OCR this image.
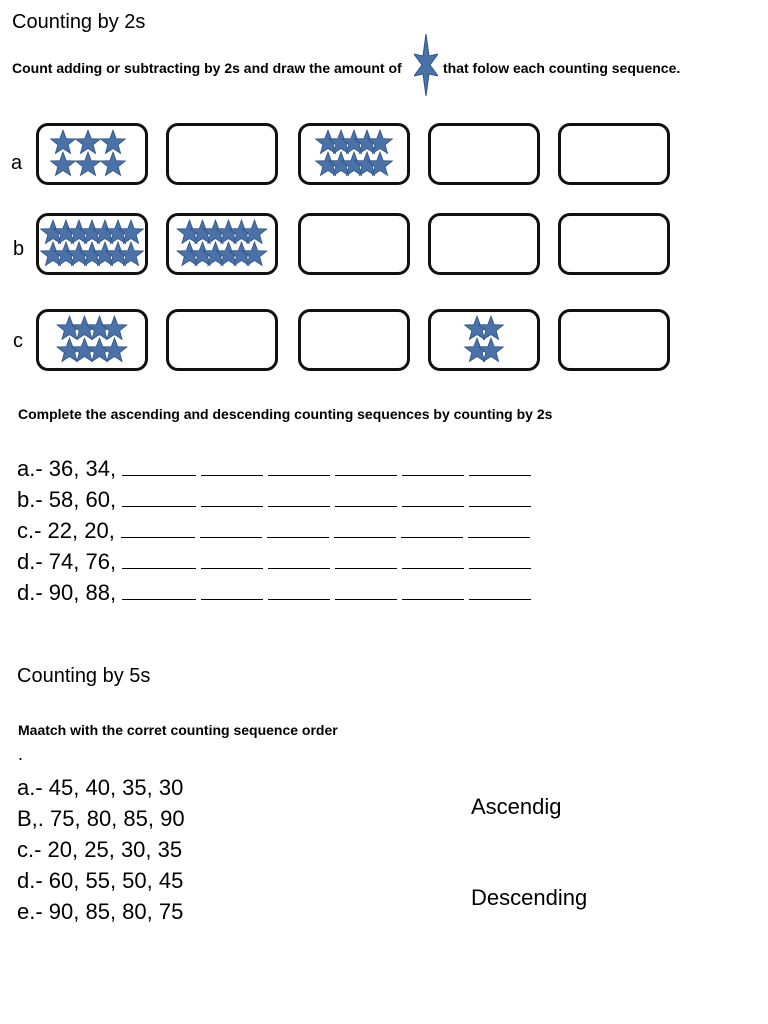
Counting by 2s
Count adding or subtracting by 2s and draw the amount of	that folow each counting sequence.
a
b
c
Complete the ascending and descending counting sequences by counting by 2s
a.- 36, 34,
b.- 58, 60,
c.- 22, 20,
d.- 74, 76,
d.- 90, 88,
Counting by 5s
Maatch with the corret counting sequence order
.
a.- 45, 40, 35, 30
B,. 75, 80, 85, 90
c.- 20, 25, 30, 35
d.- 60, 55, 50, 45
e.- 90, 85, 80, 75
Ascendig
Descending
